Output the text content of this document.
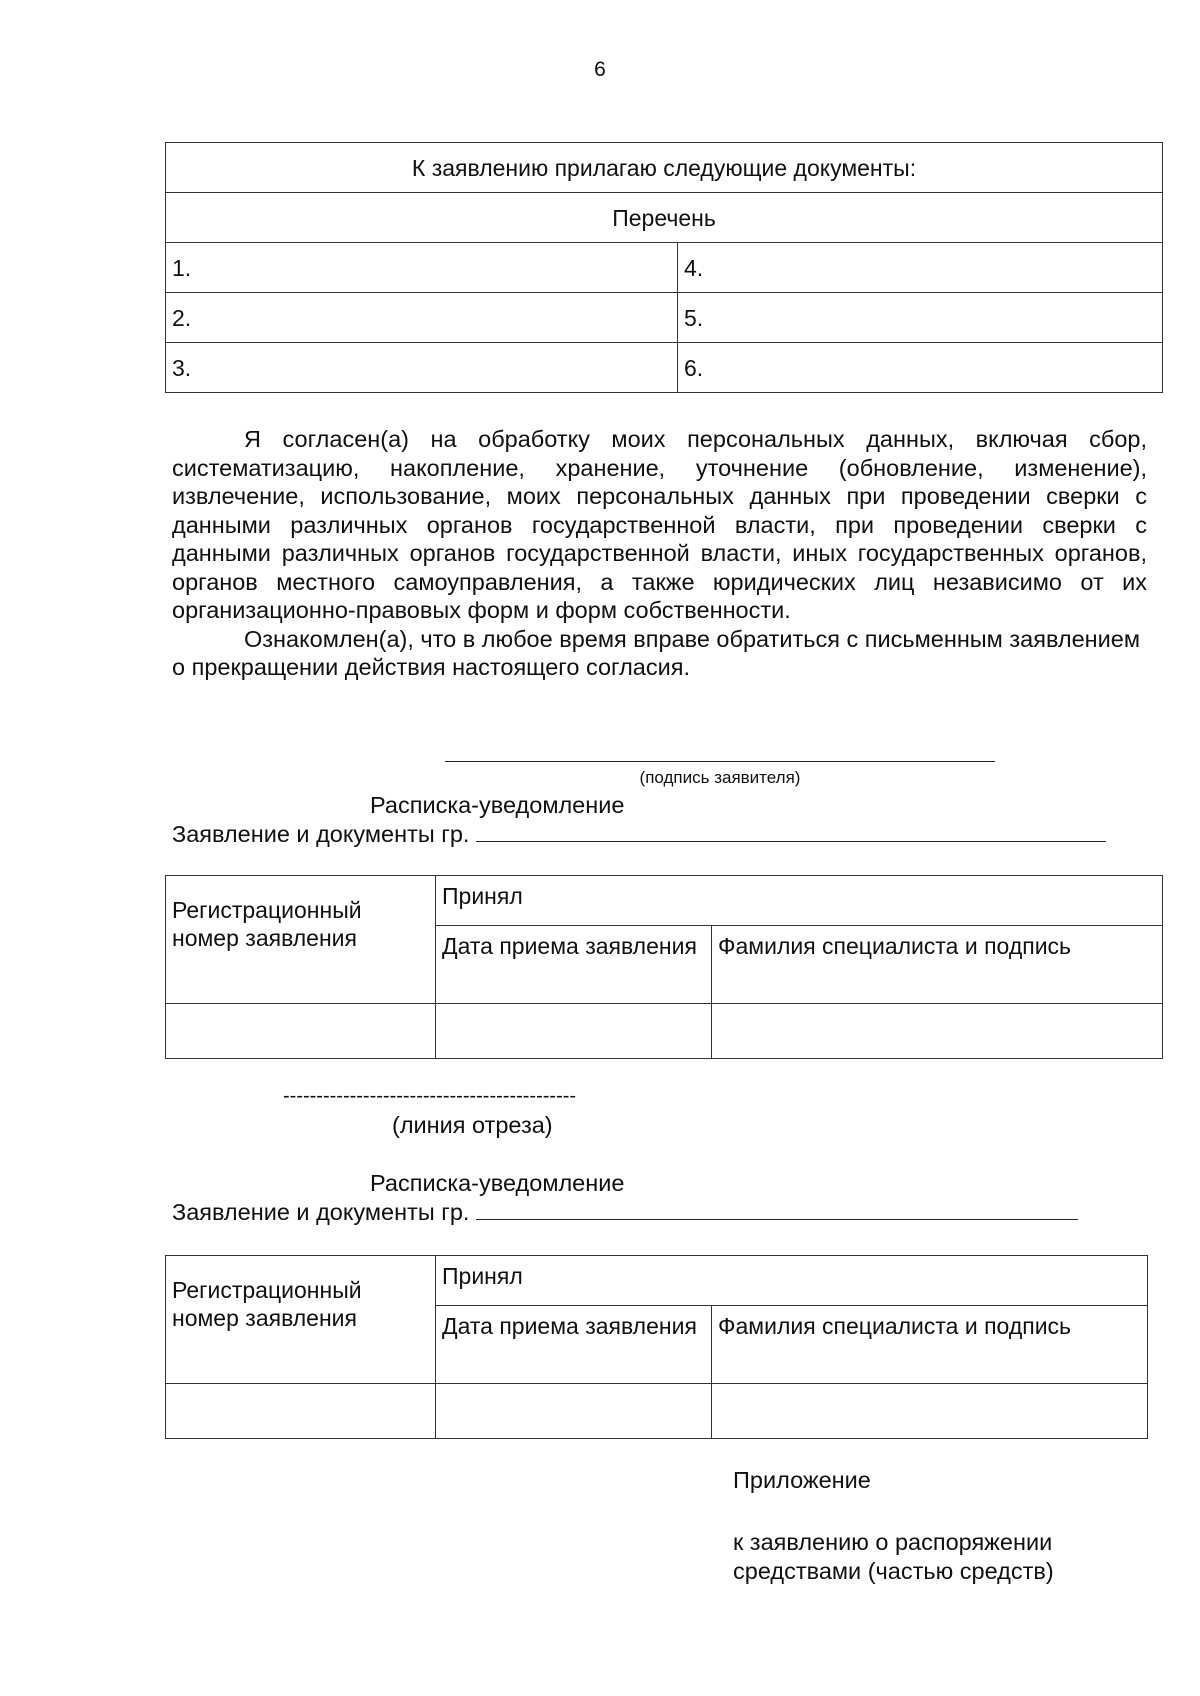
6
К заявлению прилагаю следующие документы:	
Перечень	
1.	4.
2.	5.
3.	6.

Я согласен(а) на обработку моих персональных данных, включая сбор, систематизацию, накопление, хранение, уточнение (обновление, изменение), извлечение, использование, моих персональных данных при проведении сверки с данными различных органов государственной власти, при проведении сверки с данными различных органов государственной власти, иных государственных органов, органов местного самоуправления, а также юридических лиц независимо от их организационно-правовых форм и форм собственности.

Ознакомлен(а), что в любое время вправе обратиться с письменным заявлением о прекращении действия настоящего согласия.

(подпись заявителя)
Расписка-уведомление
Заявление и документы гр.
Регистрационный номер заявления	Принял	
	Дата приема заявления	Фамилия специалиста и подпись

--------------------------------------------
(линия отреза)
Расписка-уведомление
Заявление и документы гр.
Регистрационный номер заявления	Принял	
	Дата приема заявления	Фамилия специалиста и подпись

Приложение
к заявлению о распоряжении
средствами (частью средств)
